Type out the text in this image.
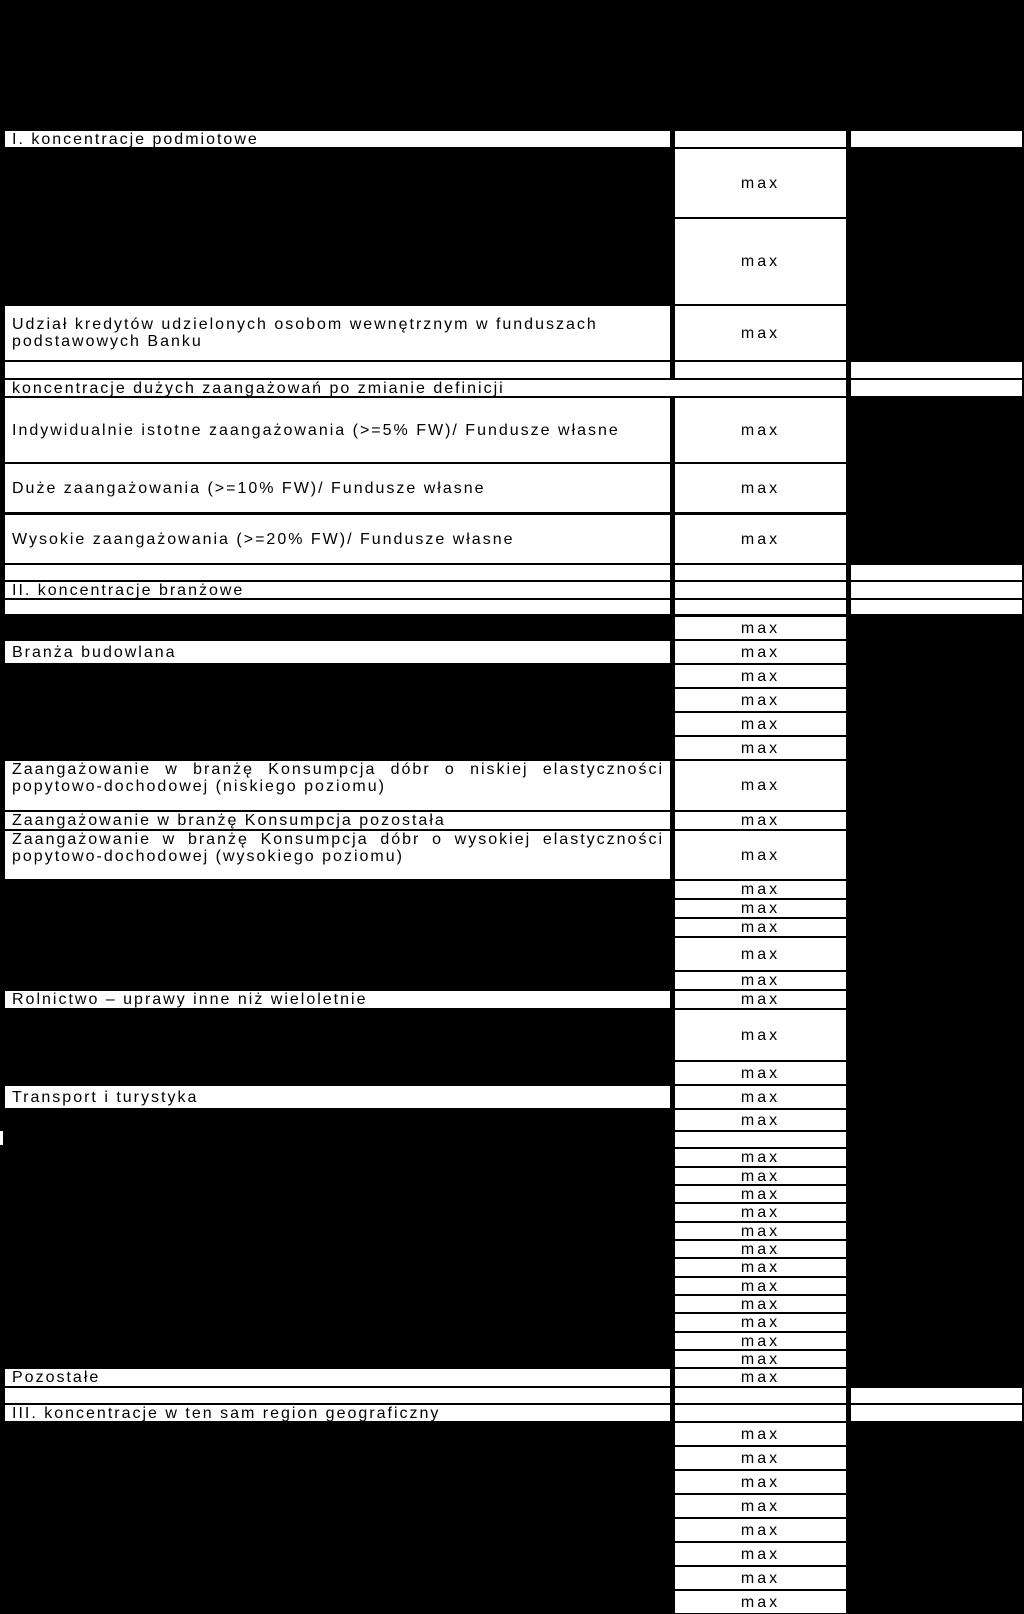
I. koncentracje podmiotowe
max
max
Udział kredytów udzielonych osobom wewnętrznym w funduszach podstawowych Banku	max
koncentracje dużych zaangażowań po zmianie definicji
Indywidualnie istotne zaangażowania (>=5% FW)/ Fundusze własne	max
Duże zaangażowania (>=10% FW)/ Fundusze własne	max
Wysokie zaangażowania (>=20% FW)/ Fundusze własne	max
II. koncentracje branżowe
max
Branża budowlana	max
max
max
max
max
Zaangażowanie w branżę Konsumpcja dóbr o niskiej elastyczności popytowo-dochodowej (niskiego poziomu)	max
Zaangażowanie w branżę Konsumpcja pozostała	max
Zaangażowanie w branżę Konsumpcja dóbr o wysokiej elastyczności popytowo-dochodowej (wysokiego poziomu)	max
max
max
max
max
max
Rolnictwo – uprawy inne niż wieloletnie	max
max
max
Transport i turystyka	max
max
max
max
max
max
max
max
max
max
max
max
max
max
Pozostałe	max
III. koncentracje w ten sam region geograficzny
max
max
max
max
max
max
max
max
